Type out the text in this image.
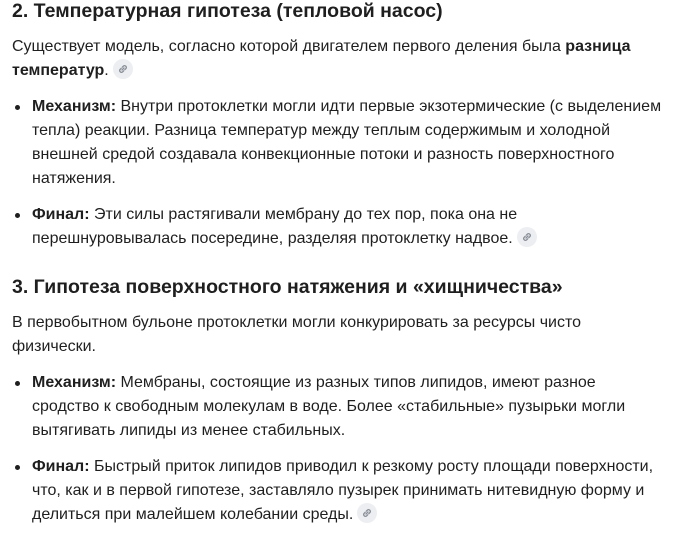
2. Температурная гипотеза (тепловой насос)

Существует модель, согласно которой двигателем первого деления была разница температур.

Механизм: Внутри протоклетки могли идти первые экзотермические (с выделением тепла) реакции. Разница температур между теплым содержимым и холодной внешней средой создавала конвекционные потоки и разность поверхностного натяжения.
Финал: Эти силы растягивали мембрану до тех пор, пока она не перешнуровывалась посередине, разделяя протоклетку надвое.
3. Гипотеза поверхностного натяжения и «хищничества»

В первобытном бульоне протоклетки могли конкурировать за ресурсы чисто физически.

Механизм: Мембраны, состоящие из разных типов липидов, имеют разное сродство к свободным молекулам в воде. Более «стабильные» пузырьки могли вытягивать липиды из менее стабильных.
Финал: Быстрый приток липидов приводил к резкому росту площади поверхности, что, как и в первой гипотезе, заставляло пузырек принимать нитевидную форму и делиться при малейшем колебании среды.
